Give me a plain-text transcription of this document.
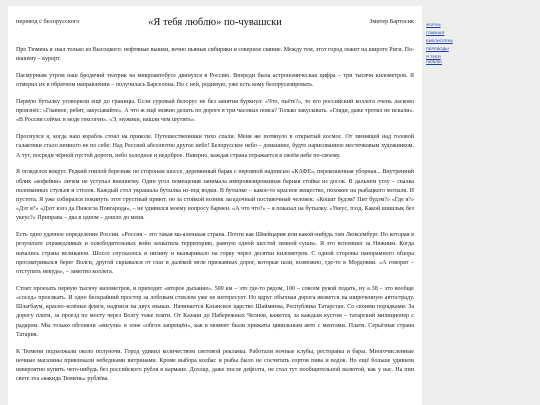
перевод с белорусского	«Я тебя люблю» по-чувашски	Змитер Бартосик

Про Тюмень я знал только из Высоцкого: нефтяные вышки, вечно пьяные сибиряки и северное сияние. Между тем, этот город лежит на широте Риги. По-нашему – курорт.

Пасмурным утром наш бродячий театрик на микроавтобусе двинулся в Россию. Впереди была астрономическая цифра – три тысячи километров. Я отмерил их в обратном направлении – получилась Барселона. Но с ней, родимую, уже есть кому белорусизировать.

Первую бутылку уговорили ещё до границы. Если суровый белорус не без занятия буркнул: «Что, пьёте?», то его российский коллега очень ласково произнёс: «Главное, ребят, закусывайте». А что ж ещё можно делать по дороге в три часовых пояса? Только закусывать. «Гляди, даже тротил не искали». «В России сейчас в моде гексоген». «Э, мужики, нашли чем шутить».

Проснулся я, когда наш корабль стоял на приколе. Путешественники тихо спали. Меня же потянуло в открытый космос. От звенящей над головой галактики стало немного не по себе: Над Россией абсолютно другое небо! Белорусское небо – домашнее, будто нарисованное местечковым художником. А тут, посреди чёрной пустой дороги, небо холодное и недоброе. Наверно, каждая страна отражается в своём небе по-своему.

Я огляделся вокруг. Редкий гнилой березняк по сторонам шоссе, деревянный барак с неровной надписью «КАФЕ», перекошенная уборная... Внутренний облик «кофейни» личем не уступал внешнему. Один угол помещения занимала импровизированная барная стойка из досок. В дальнем углу – свалка поломанных стульев и столов. Каждый стол украшала бутылка из-под водки. В бутылке – какое-то красное вещество, похожее на рыбацкого мотыля. И пустота. Я уже собирался покинуть этот грустный приют, но за стойкой возник загадочный поставочный человек: «Кошат будэм? Пит будэм?» «Где я?» «Дэт я?» «Дэзт кэзэ да Нижэгза Новгарода», – не удивился моему вопросу бармен. «А что что?» – я показал на бутылку. «Укеус, пэзд. Какой шишлык без укеус?» Приправа – два в одном – дошло до меня.

Есть одно удачное определение России. «Россия – это такая ма-аленькая страна. Почти как Швейцария или какой-нибудь там Люксембург. Но которая в результате справедливых и освободительных войн захватила территорию, равную одной шестой земной суши». Я это вспомнил за Нижним. Когда начались страна великанов. Шоссе спускалось в низину и выныривало на горку через десятки километров. С одной стороны панорамного обзора просматривался берег Волги, другой скрывался от глаз в далёкой мгле призывных дорог, которые шли, возможно, где-то в Мордовии. «А говорят – отступать некуда», – заметил коллега.

Стоит проехать первую тысячу километров, и приходит «второе дыхание». 500 км – это где-то рядом, 100 – совсем рукой подать, ну а 38 – это вообще «сосед» проезжать. И одно бескрайний простор за лобовым стеклом уже не интересует. Но вдруг обычная дорога является на широченную автостраду. Шлагбаум, красно-зелёные флаги, надписи на двух языках. Начинается Казанское царство Шаймиева, Республика Татарстан. Со своими порядками. За дорогу плати, за проезд по мосту через Волгу тоже плати. От Казани до Набережных Челнов, кажется, за каждым кустом – татарский милиционер с радаром. Мы только обгоняли «вигули» в зоне «обгон запрещён», как в момент были прижаты цивильным авто с ментами. Плати. Серьёзная страна Татария.

К Тюмени подъезжали около полуночи. Город удивил количеством световой рекламы. Работали ночные клубы, рестораны и бары. Многочисленные ночные магазины привлекали небедными витринами. Кроме выбора колбас и рыбы было не сосчитать сортов пива и водок. Но ещё больше удивили невероятно купить чего-нибудь без российского рубля в кармане. Доллар, даже после дефолта, не стал тут пообщительной валютой, как у нас. На пни свете эта «вакида Тюмень» рублёва.

ФОРУМ
ГЛАВНАЯ
БИБЛИОТЕКА
ПЕРЕВОДЫ
Я ТЕБЯ ЛЮБЛЮ
